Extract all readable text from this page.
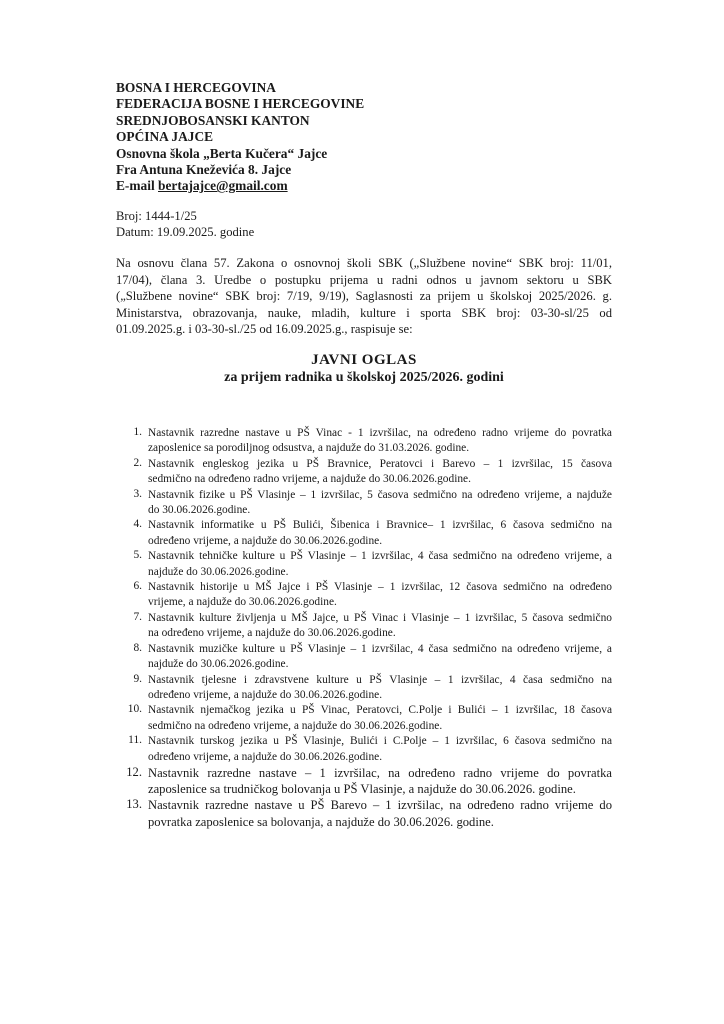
BOSNA I HERCEGOVINA
FEDERACIJA BOSNE I HERCEGOVINE
SREDNJOBOSANSKI KANTON
OPĆINA JAJCE
Osnovna škola „Berta Kučera“ Jajce
Fra Antuna Kneževića 8. Jajce
E-mail bertajajce@gmail.com
Broj: 1444-1/25
Datum: 19.09.2025. godine
Na osnovu člana 57. Zakona o osnovnoj školi SBK („Službene novine“ SBK broj: 11/01,
17/04), člana 3. Uredbe o postupku prijema u radni odnos u javnom sektoru u SBK
(„Službene novine“ SBK broj: 7/19, 9/19), Saglasnosti za prijem u školskoj 2025/2026. g.
Ministarstva, obrazovanja, nauke, mladih, kulture i sporta SBK broj: 03-30-sl/25 od
01.09.2025.g. i 03-30-sl./25 od 16.09.2025.g., raspisuje se:
JAVNI OGLAS
za prijem radnika u školskoj 2025/2026. godini
1. Nastavnik razredne nastave u PŠ Vinac - 1 izvršilac, na određeno radno vrijeme do povratka
zaposlenice sa porodiljnog odsustva, a najduže do 31.03.2026. godine.
2. Nastavnik engleskog jezika u PŠ Bravnice, Peratovci i Barevo – 1 izvršilac, 15 časova
sedmično na određeno radno vrijeme, a najduže do 30.06.2026.godine.
3. Nastavnik fizike u PŠ Vlasinje – 1 izvršilac, 5 časova sedmično na određeno vrijeme, a najduže
do 30.06.2026.godine.
4. Nastavnik informatike u PŠ Bulići, Šibenica i Bravnice– 1 izvršilac, 6 časova sedmično na
određeno vrijeme, a najduže do 30.06.2026.godine.
5. Nastavnik tehničke kulture u PŠ Vlasinje – 1 izvršilac, 4 časa sedmično na određeno vrijeme, a
najduže do 30.06.2026.godine.
6. Nastavnik historije u MŠ Jajce i PŠ Vlasinje – 1 izvršilac, 12 časova sedmično na određeno
vrijeme, a najduže do 30.06.2026.godine.
7. Nastavnik kulture življenja u MŠ Jajce, u PŠ Vinac i Vlasinje – 1 izvršilac, 5 časova sedmično
na određeno vrijeme, a najduže do 30.06.2026.godine.
8. Nastavnik muzičke kulture u PŠ Vlasinje – 1 izvršilac, 4 časa sedmično na određeno vrijeme, a
najduže do 30.06.2026.godine.
9. Nastavnik tjelesne i zdravstvene kulture u PŠ Vlasinje – 1 izvršilac, 4 časa sedmično na
određeno vrijeme, a najduže do 30.06.2026.godine.
10. Nastavnik njemačkog jezika u PŠ Vinac, Peratovci, C.Polje i Bulići – 1 izvršilac, 18 časova
sedmično na određeno vrijeme, a najduže do 30.06.2026.godine.
11. Nastavnik turskog jezika u PŠ Vlasinje, Bulići i C.Polje – 1 izvršilac, 6 časova sedmično na
određeno vrijeme, a najduže do 30.06.2026.godine.
12. Nastavnik razredne nastave – 1 izvršilac, na određeno radno vrijeme do povratka
zaposlenice sa trudničkog bolovanja u PŠ Vlasinje, a najduže do 30.06.2026. godine.
13. Nastavnik razredne nastave u PŠ Barevo – 1 izvršilac, na određeno radno vrijeme do
povratka zaposlenice sa bolovanja, a najduže do 30.06.2026. godine.
